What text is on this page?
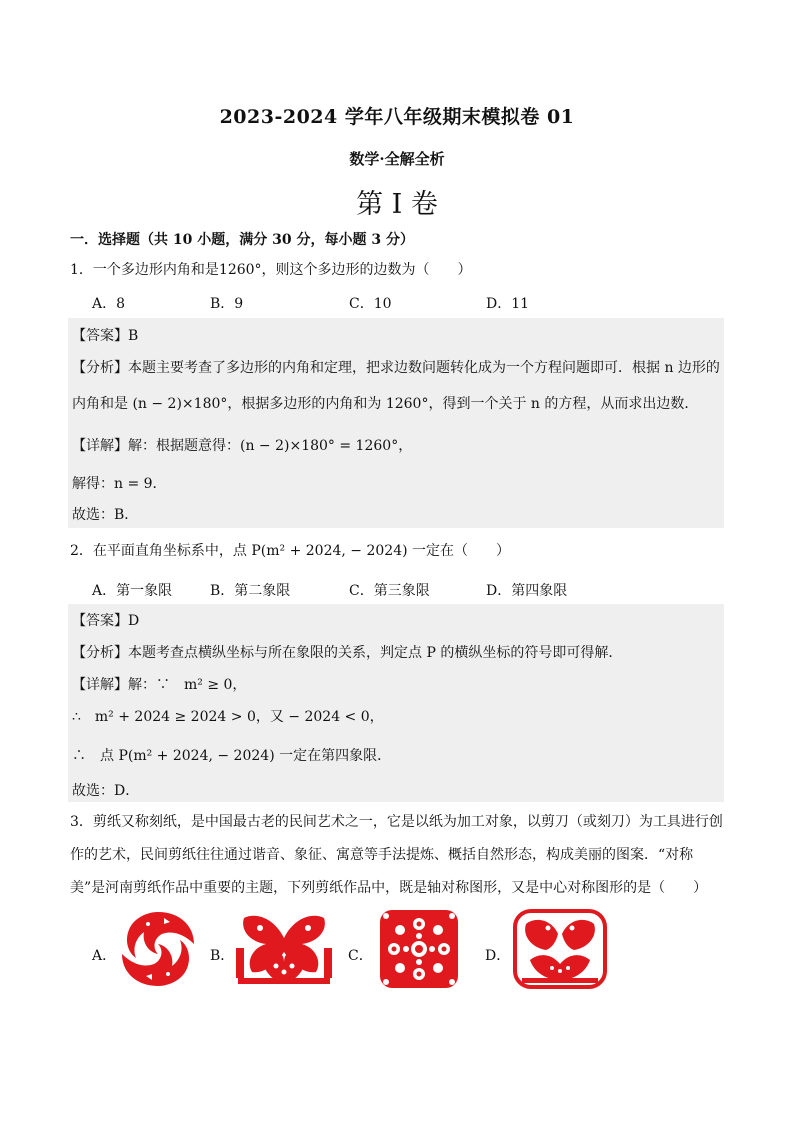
2023-2024 学年八年级期末模拟卷 01
数学·全解全析
第 I 卷
一．选择题（共 10 小题，满分 30 分，每小题 3 分）
1．一个多边形内角和是1260°，则这个多边形的边数为（　　）
A．8	B．9	C．10	D．11
【答案】B
【分析】本题主要考查了多边形的内角和定理，把求边数问题转化成为一个方程问题即可．根据 n 边形的
内角和是 (n − 2)×180°，根据多边形的内角和为 1260°，得到一个关于 n 的方程，从而求出边数．
【详解】解：根据题意得：(n − 2)×180° = 1260°，
解得：n = 9．
故选：B．
2．在平面直角坐标系中，点 P(m² + 2024, − 2024) 一定在（　　）
A．第一象限	B．第二象限	C．第三象限	D．第四象限
【答案】D
【分析】本题考查点横纵坐标与所在象限的关系，判定点 P 的横纵坐标的符号即可得解．
【详解】解：∵　m² ≥ 0，
∴　m² + 2024 ≥ 2024 > 0，又 − 2024 < 0，
∴　点 P(m² + 2024, − 2024) 一定在第四象限．
故选：D．
3．剪纸又称刻纸，是中国最古老的民间艺术之一，它是以纸为加工对象，以剪刀（或刻刀）为工具进行创作的艺术，民间剪纸往往通过谐音、象征、寓意等手法提炼、概括自然形态，构成美丽的图案．“对称美”是河南剪纸作品中重要的主题，下列剪纸作品中，既是轴对称图形，又是中心对称图形的是（　　）
A．	B．	C．	D．
